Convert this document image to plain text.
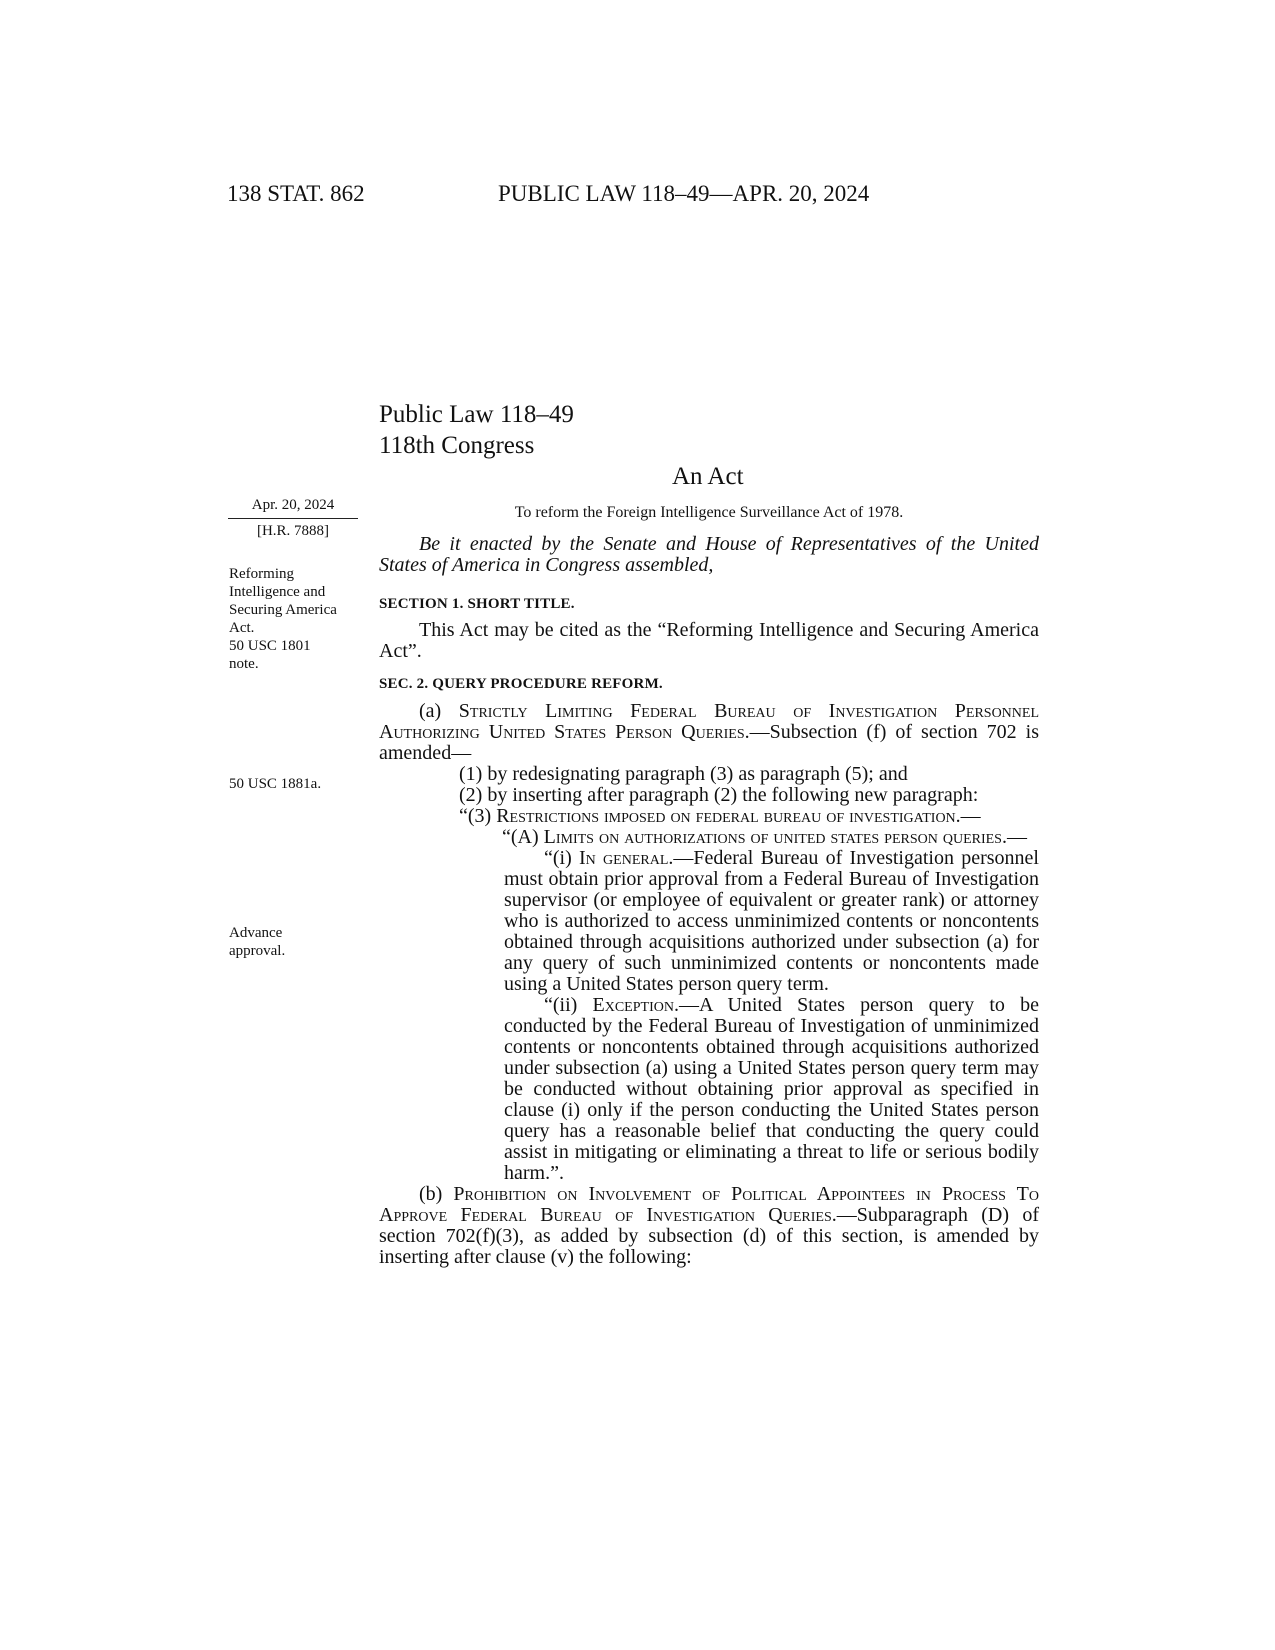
138 STAT. 862	PUBLIC LAW 118–49—APR. 20, 2024
Public Law 118–49
118th Congress
An Act
Apr. 20, 2024
[H.R. 7888]
Reforming
Intelligence and
Securing America
Act.
50 USC 1801
note.
50 USC 1881a.
Advance
approval.
To reform the Foreign Intelligence Surveillance Act of 1978.

Be it enacted by the Senate and House of Representatives of the United States of America in Congress assembled,

SECTION 1. SHORT TITLE.

This Act may be cited as the “Reforming Intelligence and Securing America Act”.

SEC. 2. QUERY PROCEDURE REFORM.

(a) Strictly Limiting Federal Bureau of Investigation Personnel Authorizing United States Person Queries.—Subsection (f) of section 702 is amended—

(1) by redesignating paragraph (3) as paragraph (5); and

(2) by inserting after paragraph (2) the following new paragraph:

“(3) Restrictions imposed on federal bureau of investigation.—

“(A) Limits on authorizations of united states person queries.—

“(i) In general.—Federal Bureau of Investigation personnel must obtain prior approval from a Federal Bureau of Investigation supervisor (or employee of equivalent or greater rank) or attorney who is authorized to access unminimized contents or noncontents obtained through acquisitions authorized under subsection (a) for any query of such unminimized contents or noncontents made using a United States person query term.

“(ii) Exception.—A United States person query to be conducted by the Federal Bureau of Investigation of unminimized contents or noncontents obtained through acquisitions authorized under subsection (a) using a United States person query term may be conducted without obtaining prior approval as specified in clause (i) only if the person conducting the United States person query has a reasonable belief that conducting the query could assist in mitigating or eliminating a threat to life or serious bodily harm.”.

(b) Prohibition on Involvement of Political Appointees in Process To Approve Federal Bureau of Investigation Queries.—Subparagraph (D) of section 702(f)(3), as added by subsection (d) of this section, is amended by inserting after clause (v) the following:
